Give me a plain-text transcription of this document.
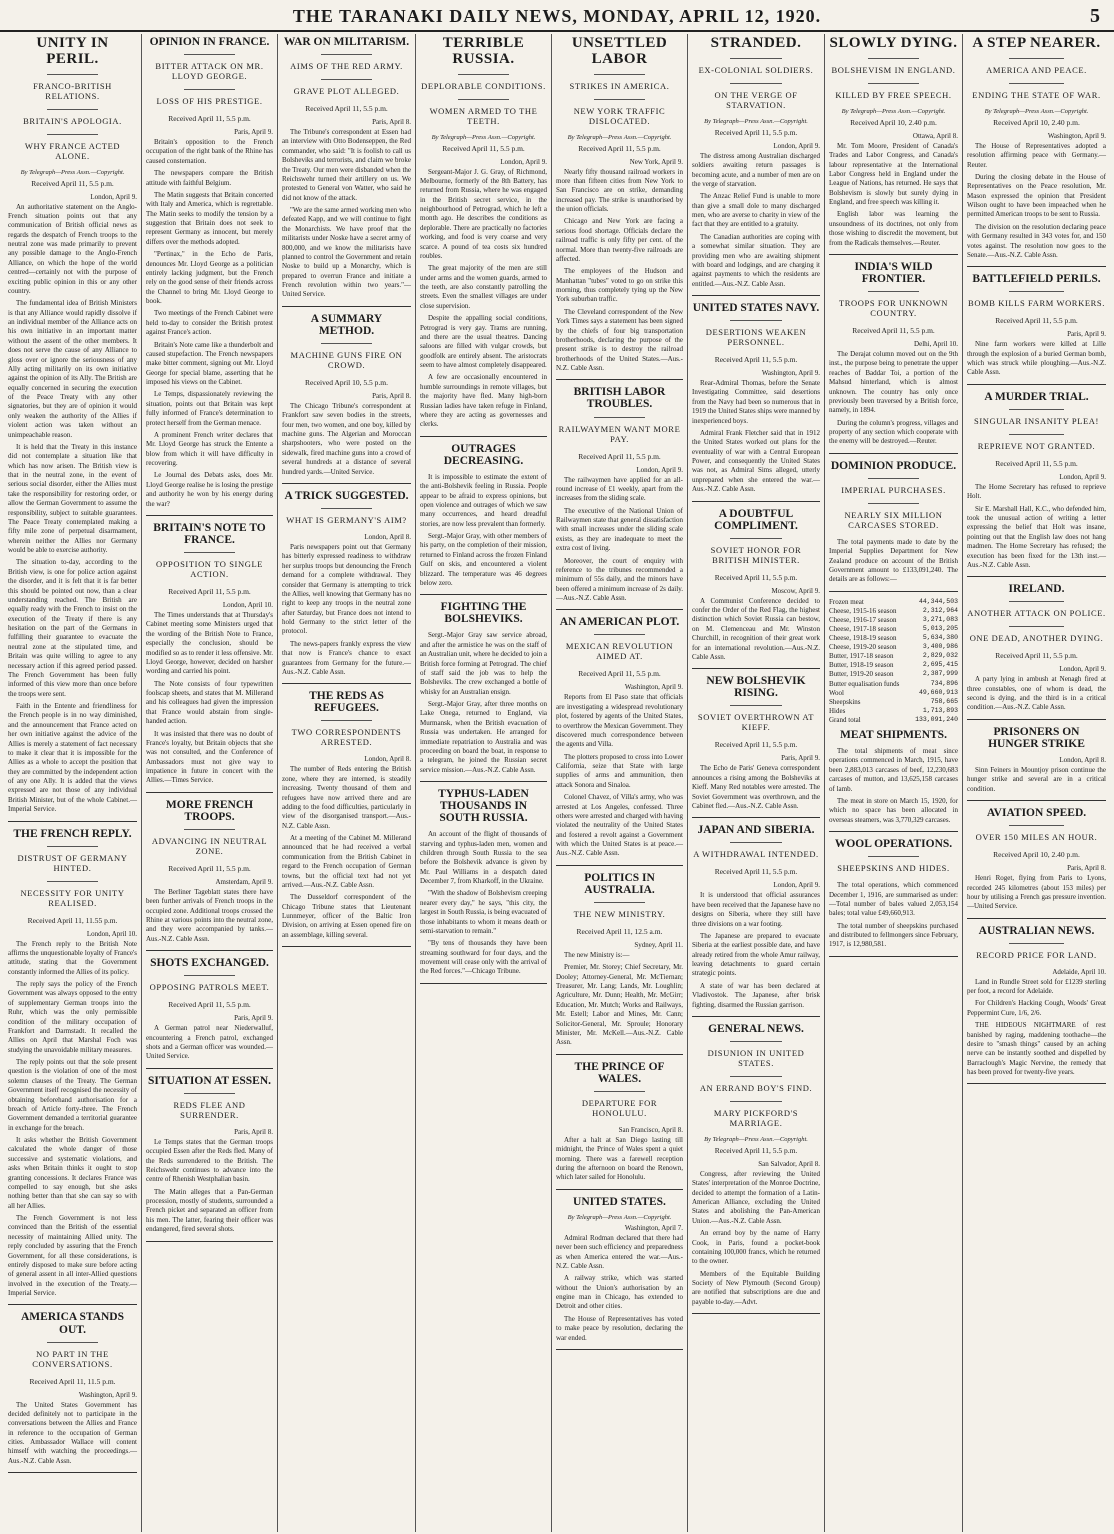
THE TARANAKI DAILY NEWS, MONDAY, APRIL 12, 1920.	5
UNITY IN PERIL.
FRANCO-BRITISH RELATIONS.
BRITAIN'S APOLOGIA.
WHY FRANCE ACTED ALONE.
By Telegraph—Press Assn.—Copyright.
Received April 11, 5.5 p.m.
London, April 9.

An authoritative statement on the Anglo-French situation points out that any communication of British official news as regards the despatch of French troops to the neutral zone was made primarily to prevent any possible damage to the Anglo-French Alliance, on which the hope of the world centred—certainly not with the purpose of exciting public opinion in this or any other country.

The fundamental idea of British Ministers is that any Alliance would rapidly dissolve if an individual member of the Alliance acts on his own initiative in an important matter without the assent of the other members. It does not serve the cause of any Alliance to gloss over or ignore the seriousness of any Ally acting militarily on its own initiative against the opinion of its Ally. The British are equally concerned in securing the execution of the Peace Treaty with any other signatories, but they are of opinion it would only weaken the authority of the Allies if violent action was taken without an unimpeachable reason.

It is held that the Treaty in this instance did not contemplate a situation like that which has now arisen. The British view is that in the neutral zone, in the event of serious social disorder, either the Allies must take the responsibility for restoring order, or allow the German Government to assume the responsibility, subject to suitable guarantees. The Peace Treaty contemplated making a fifty mile zone of perpetual disarmament, wherein neither the Allies nor Germany would be able to exercise authority.

The situation to-day, according to the British view, is one for police action against the disorder, and it is felt that it is far better this should be pointed out now, than a clear understanding reached. The British are equally ready with the French to insist on the execution of the Treaty if there is any hesitation on the part of the Germans in fulfilling their guarantee to evacuate the neutral zone at the stipulated time, and Britain was quite willing to agree to any necessary action if this agreed period passed. The French Government has been fully informed of this view more than once before the troops were sent.

Faith in the Entente and friendliness for the French people is in no way diminished, and the announcement that France acted on her own initiative against the advice of the Allies is merely a statement of fact necessary to make it clear that it is impossible for the Allies as a whole to accept the position that they are committed by the independent action of any one Ally. It is added that the views expressed are not those of any individual British Minister, but of the whole Cabinet.—Imperial Service.

THE FRENCH REPLY.
DISTRUST OF GERMANY HINTED.
NECESSITY FOR UNITY REALISED.
Received April 11, 11.55 p.m.
London, April 10.

The French reply to the British Note affirms the unquestionable loyalty of France's attitude, stating that the Government constantly informed the Allies of its policy.

The reply says the policy of the French Government was always opposed to the entry of supplementary German troops into the Ruhr, which was the only permissible condition of the military occupation of Frankfort and Darmstadt. It recalled the Allies on April that Marshal Foch was studying the unavoidable military measures.

The reply points out that the sole present question is the violation of one of the most solemn clauses of the Treaty. The German Government itself recognised the necessity of obtaining beforehand authorisation for a breach of Article forty-three. The French Government demanded a territorial guarantee in exchange for the breach.

It asks whether the British Government calculated the whole danger of those successive and systematic violations, and asks when Britain thinks it ought to stop granting concessions. It declares France was compelled to say enough, but she asks nothing better than that she can say so with all her Allies.

The French Government is not less convinced than the British of the essential necessity of maintaining Allied unity. The reply concluded by assuring that the French Government, for all these considerations, is entirely disposed to make sure before acting of general assent in all inter-Allied questions involved in the execution of the Treaty.—Imperial Service.

AMERICA STANDS OUT.
NO PART IN THE CONVERSATIONS.
Received April 11, 11.5 p.m.
Washington, April 9.

The United States Government has decided definitely not to participate in the conversations between the Allies and France in reference to the occupation of German cities. Ambassador Wallace will content himself with watching the proceedings.—Aus.-N.Z. Cable Assn.

OPINION IN FRANCE.
BITTER ATTACK ON MR. LLOYD GEORGE.
LOSS OF HIS PRESTIGE.
Received April 11, 5.5 p.m.
Paris, April 9.

Britain's opposition to the French occupation of the right bank of the Rhine has caused consternation.

The newspapers compare the British attitude with faithful Belgium.

The Matin suggests that Britain concerted with Italy and America, which is regrettable. The Matin seeks to modify the tension by a suggestion that Britain does not seek to represent Germany as innocent, but merely differs over the methods adopted.

"Pertinax," in the Echo de Paris, denounces Mr. Lloyd George as a politician entirely lacking judgment, but the French rely on the good sense of their friends across the Channel to bring Mr. Lloyd George to book.

Two meetings of the French Cabinet were held to-day to consider the British protest against France's action.

Britain's Note came like a thunderbolt and caused stupefaction. The French newspapers make bitter comment, signing out Mr. Lloyd George for special blame, asserting that he imposed his views on the Cabinet.

Le Temps, dispassionately reviewing the situation, points out that Britain was kept fully informed of France's determination to protect herself from the German menace.

A prominent French writer declares that Mr. Lloyd George has struck the Entente a blow from which it will have difficulty in recovering.

Le Journal des Debats asks, does Mr. Lloyd George realise he is losing the prestige and authority he won by his energy during the war?

BRITAIN'S NOTE TO FRANCE.
OPPOSITION TO SINGLE ACTION.
Received April 11, 5.5 p.m.
London, April 10.

The Times understands that at Thursday's Cabinet meeting some Ministers urged that the wording of the British Note to France, especially the conclusion, should be modified so as to render it less offensive. Mr. Lloyd George, however, decided on harsher wording and carried his point.

The Note consists of four typewritten foolscap sheets, and states that M. Millerand and his colleagues had given the impression that France would abstain from single-handed action.

It was insisted that there was no doubt of France's loyalty, but Britain objects that she was not consulted, and the Conference of Ambassadors must not give way to impatience in future in concert with the Allies.—Times Service.

MORE FRENCH TROOPS.
ADVANCING IN NEUTRAL ZONE.
Received April 11, 5.5 p.m.
Amsterdam, April 9.

The Berliner Tageblatt states there have been further arrivals of French troops in the occupied zone. Additional troops crossed the Rhine at various points into the neutral zone, and they were accompanied by tanks.—Aus.-N.Z. Cable Assn.

SHOTS EXCHANGED.
OPPOSING PATROLS MEET.
Received April 11, 5.5 p.m.
Paris, April 9.

A German patrol near Niederwalluf, encountering a French patrol, exchanged shots and a German officer was wounded.—United Service.

SITUATION AT ESSEN.
REDS FLEE AND SURRENDER.
Paris, April 8.

Le Temps states that the German troops occupied Essen after the Reds fled. Many of the Reds surrendered to the British. The Reichswehr continues to advance into the centre of Rhenish Westphalian basin.

The Matin alleges that a Pan-German procession, mostly of students, surrounded a French picket and separated an officer from his men. The latter, fearing their officer was endangered, fired several shots.

WAR ON MILITARISM.
AIMS OF THE RED ARMY.
GRAVE PLOT ALLEGED.
Received April 11, 5.5 p.m.
Paris, April 8.

The Tribune's correspondent at Essen had an interview with Otto Bodenseppen, the Red commander, who said: "It is foolish to call us Bolsheviks and terrorists, and claim we broke the Treaty. Our men were disbanded when the Reichswehr turned their artillery on us. We protested to General von Watter, who said he did not know of the attack.

"We are the same armed working men who defeated Kapp, and we will continue to fight the Monarchists. We have proof that the militarists under Noske have a secret army of 800,000, and we know the militarists have planned to control the Government and retain Noske to build up a Monarchy, which is prepared to overrun France and initiate a French revolution within two years."—United Service.

A SUMMARY METHOD.
MACHINE GUNS FIRE ON CROWD.
Received April 10, 5.5 p.m.
Paris, April 8.

The Chicago Tribune's correspondent at Frankfort saw seven bodies in the streets, four men, two women, and one boy, killed by machine guns. The Algerian and Moroccan sharpshooters, who were posted on the sidewalk, fired machine guns into a crowd of several hundreds at a distance of several hundred yards.—United Service.

A TRICK SUGGESTED.
WHAT IS GERMANY'S AIM?
London, April 8.

Paris newspapers point out that Germany has bitterly expressed readiness to withdraw her surplus troops but denouncing the French demand for a complete withdrawal. They consider that Germany is attempting to trick the Allies, well knowing that Germany has no right to keep any troops in the neutral zone after Saturday, but France does not intend to hold Germany to the strict letter of the protocol.

The news-papers frankly express the view that now is France's chance to exact guarantees from Germany for the future.—Aus.-N.Z. Cable Assn.

THE REDS AS REFUGEES.
TWO CORRESPONDENTS ARRESTED.
London, April 8.

The number of Reds entering the British zone, where they are interned, is steadily increasing. Twenty thousand of them and refugees have now arrived there and are adding to the food difficulties, particularly in view of the disorganised transport.—Aus.-N.Z. Cable Assn.

At a meeting of the Cabinet M. Millerand announced that he had received a verbal communication from the British Cabinet in regard to the French occupation of German towns, but the official text had not yet arrived.—Aus.-N.Z. Cable Assn.

The Dusseldorf correspondent of the Chicago Tribune states that Lieutenant Lunnmeyer, officer of the Baltic Iron Division, on arriving at Essen opened fire on an assemblage, killing several.

TERRIBLE RUSSIA.
DEPLORABLE CONDITIONS.
WOMEN ARMED TO THE TEETH.
By Telegraph—Press Assn.—Copyright.
Received April 11, 5.5 p.m.
London, April 9.

Sergeant-Major J. G. Gray, of Richmond, Melbourne, formerly of the 8th Battery, has returned from Russia, where he was engaged in the British secret service, in the neighbourhood of Petrograd, which he left a month ago. He describes the conditions as deplorable. There are practically no factories working, and food is very coarse and very scarce. A pound of tea costs six hundred roubles.

The great majority of the men are still under arms and the women guards, armed to the teeth, are also constantly patrolling the streets. Even the smallest villages are under close supervision.

Despite the appalling social conditions, Petrograd is very gay. Trams are running, and there are the usual theatres. Dancing saloons are filled with vulgar crowds, but goodfolk are entirely absent. The aristocrats seem to have almost completely disappeared.

A few are occasionally encountered in humble surroundings in remote villages, but the majority have fled. Many high-born Russian ladies have taken refuge in Finland, where they are acting as governesses and clerks.

OUTRAGES DECREASING.

It is impossible to estimate the extent of the anti-Bolshevik feeling in Russia. People appear to be afraid to express opinions, but open violence and outrages of which we saw many occurrences, and heard dreadful stories, are now less prevalent than formerly.

Sergt.-Major Gray, with other members of his party, on the completion of their mission, returned to Finland across the frozen Finland Gulf on skis, and encountered a violent blizzard. The temperature was 46 degrees below zero.

FIGHTING THE BOLSHEVIKS.

Sergt.-Major Gray saw service abroad, and after the armistice he was on the staff of an Australian unit, where he decided to join a British force forming at Petrograd. The chief of staff said the job was to help the Bolsheviks. The crew exchanged a bottle of whisky for an Australian ensign.

Sergt.-Major Gray, after three months on Lake Onega, returned to England, via Murmansk, when the British evacuation of Russia was undertaken. He arranged for immediate repatriation to Australia and was proceeding on board the boat, in response to a telegram, he joined the Russian secret service mission.—Aus.-N.Z. Cable Assn.

TYPHUS-LADEN THOUSANDS IN SOUTH RUSSIA.

An account of the flight of thousands of starving and typhus-laden men, women and children through South Russia to the sea before the Bolshevik advance is given by Mr. Paul Williams in a despatch dated December 7, from Kharkoff, in the Ukraine.

"With the shadow of Bolshevism creeping nearer every day," he says, "this city, the largest in South Russia, is being evacuated of those inhabitants to whom it means death or semi-starvation to remain."

"By tens of thousands they have been streaming southward for four days, and the movement will cease only with the arrival of the Red forces."—Chicago Tribune.

UNSETTLED LABOR
STRIKES IN AMERICA.
NEW YORK TRAFFIC DISLOCATED.
By Telegraph—Press Assn.—Copyright.
Received April 11, 5.5 p.m.
New York, April 9.

Nearly fifty thousand railroad workers in more than fifteen cities from New York to San Francisco are on strike, demanding increased pay. The strike is unauthorised by the union officials.

Chicago and New York are facing a serious food shortage. Officials declare the railroad traffic is only fifty per cent. of the normal. More than twenty-five railroads are affected.

The employees of the Hudson and Manhattan "tubes" voted to go on strike this morning, thus completely tying up the New York suburban traffic.

The Cleveland correspondent of the New York Times says a statement has been signed by the chiefs of four big transportation brotherhoods, declaring the purpose of the present strike is to destroy the railroad brotherhoods of the United States.—Aus.-N.Z. Cable Assn.

BRITISH LABOR TROUBLES.
RAILWAYMEN WANT MORE PAY.
Received April 11, 5.5 p.m.
London, April 9.

The railwaymen have applied for an all-round increase of £1 weekly, apart from the increases from the sliding scale.

The executive of the National Union of Railwaymen state that general dissatisfaction with small increases under the sliding scale exists, as they are inadequate to meet the extra cost of living.

Moreover, the court of enquiry with reference to the tribunes recommended a minimum of 55s daily, and the minors have been offered a minimum increase of 2s daily.—Aus.-N.Z. Cable Assn.

AN AMERICAN PLOT.
MEXICAN REVOLUTION AIMED AT.
Received April 11, 5.5 p.m.
Washington, April 9.

Reports from El Paso state that officials are investigating a widespread revolutionary plot, fostered by agents of the United States, to overthrow the Mexican Government. They discovered much correspondence between the agents and Villa.

The plotters proposed to cross into Lower California, seize that State with large supplies of arms and ammunition, then attack Sonora and Sinaloa.

Colonel Chavez, of Villa's army, who was arrested at Los Angeles, confessed. Three others were arrested and charged with having violated the neutrality of the United States and fostered a revolt against a Government with which the United States is at peace.—Aus.-N.Z. Cable Assn.

POLITICS IN AUSTRALIA.
THE NEW MINISTRY.
Received April 11, 12.5 a.m.
Sydney, April 11.

The new Ministry is:—

Premier, Mr. Storey; Chief Secretary, Mr. Dooley; Attorney-General, Mr. McTiernan; Treasurer, Mr. Lang; Lands, Mr. Loughlin; Agriculture, Mr. Dunn; Health, Mr. McGirr; Education, Mr. Mutch; Works and Railways, Mr. Estell; Labor and Mines, Mr. Cann; Solicitor-General, Mr. Sproule; Honorary Minister, Mr. McKell.—Aus.-N.Z. Cable Assn.

THE PRINCE OF WALES.
DEPARTURE FOR HONOLULU.
San Francisco, April 8.

After a halt at San Diego lasting till midnight, the Prince of Wales spent a quiet morning. There was a farewell reception during the afternoon on board the Renown, which later sailed for Honolulu.

UNITED STATES.
By Telegraph—Press Assn.—Copyright.
Washington, April 7.

Admiral Rodman declared that there had never been such efficiency and preparedness as when America entered the war.—Aus.-N.Z. Cable Assn.

A railway strike, which was started without the Union's authorisation by an engine man in Chicago, has extended to Detroit and other cities.

The House of Representatives has voted to make peace by resolution, declaring the war ended.

STRANDED.
EX-COLONIAL SOLDIERS.
ON THE VERGE OF STARVATION.
By Telegraph—Press Assn.—Copyright.
Received April 11, 5.5 p.m.
London, April 9.

The distress among Australian discharged soldiers awaiting return passages is becoming acute, and a number of men are on the verge of starvation.

The Anzac Relief Fund is unable to more than give a small dole to many discharged men, who are averse to charity in view of the fact that they are entitled to a gratuity.

The Canadian authorities are coping with a somewhat similar situation. They are providing men who are awaiting shipment with board and lodgings, and are charging it against payments to which the residents are entitled.—Aus.-N.Z. Cable Assn.

UNITED STATES NAVY.
DESERTIONS WEAKEN PERSONNEL.
Received April 11, 5.5 p.m.
Washington, April 9.

Rear-Admiral Thomas, before the Senate Investigating Committee, said desertions from the Navy had been so numerous that in 1919 the United States ships were manned by inexperienced boys.

Admiral Frank Fletcher said that in 1912 the United States worked out plans for the eventuality of war with a Central European Power, and consequently the United States was not, as Admiral Sims alleged, utterly unprepared when she entered the war.—Aus.-N.Z. Cable Assn.

A DOUBTFUL COMPLIMENT.
SOVIET HONOR FOR BRITISH MINISTER.
Received April 11, 5.5 p.m.
Moscow, April 9.

A Communist Conference decided to confer the Order of the Red Flag, the highest distinction which Soviet Russia can bestow, on M. Clemenceau and Mr. Winston Churchill, in recognition of their great work for an international revolution.—Aus.-N.Z. Cable Assn.

NEW BOLSHEVIK RISING.
SOVIET OVERTHROWN AT KIEFF.
Received April 11, 5.5 p.m.
Paris, April 9.

The Echo de Paris' Geneva correspondent announces a rising among the Bolsheviks at Kieff. Many Red notables were arrested. The Soviet Government was overthrown, and the Cabinet fled.—Aus.-N.Z. Cable Assn.

JAPAN AND SIBERIA.
A WITHDRAWAL INTENDED.
Received April 11, 5.5 p.m.
London, April 9.

It is understood that official assurances have been received that the Japanese have no designs on Siberia, where they still have three divisions on a war footing.

The Japanese are prepared to evacuate Siberia at the earliest possible date, and have already retired from the whole Amur railway, leaving detachments to guard certain strategic points.

A state of war has been declared at Vladivostok. The Japanese, after brisk fighting, disarmed the Russian garrison.

GENERAL NEWS.
DISUNION IN UNITED STATES.
AN ERRAND BOY'S FIND.
MARY PICKFORD'S MARRIAGE.
By Telegraph—Press Assn.—Copyright.
Received April 11, 5.5 p.m.
San Salvador, April 8.

Congress, after reviewing the United States' interpretation of the Monroe Doctrine, decided to attempt the formation of a Latin-American Alliance, excluding the United States and abolishing the Pan-American Union.—Aus.-N.Z. Cable Assn.

An errand boy by the name of Harry Cook, in Paris, found a pocket-book containing 100,000 francs, which he returned to the owner.

Members of the Equitable Building Society of New Plymouth (Second Group) are notified that subscriptions are due and payable to-day.—Advt.

SLOWLY DYING.
BOLSHEVISM IN ENGLAND.
KILLED BY FREE SPEECH.
By Telegraph—Press Assn.—Copyright.
Received April 10, 2.40 p.m.
Ottawa, April 8.

Mr. Tom Moore, President of Canada's Trades and Labor Congress, and Canada's labour representative at the International Labor Congress held in England under the League of Nations, has returned. He says that Bolshevism is slowly but surely dying in England, and free speech was killing it.

English labor was learning the unsoundness of its doctrines, not only from those wishing to discredit the movement, but from the Radicals themselves.—Reuter.

INDIA'S WILD FRONTIER.
TROOPS FOR UNKNOWN COUNTRY.
Received April 11, 5.5 p.m.
Delhi, April 10.

The Derajat column moved out on the 9th inst., the purpose being to penetrate the upper reaches of Baddar Toi, a portion of the Mahsud hinterland, which is almost unknown. The country has only once previously been traversed by a British force, namely, in 1894.

During the column's progress, villages and property of any section which cooperate with the enemy will be destroyed.—Reuter.

DOMINION PRODUCE.
IMPERIAL PURCHASES.
NEARLY SIX MILLION CARCASES STORED.

The total payments made to date by the Imperial Supplies Department for New Zealand produce on account of the British Government amount to £133,091,240. The details are as follows:—

Frozen meat	44,344,503
Cheese, 1915-16 season	2,312,964
Cheese, 1916-17 season	3,271,083
Cheese, 1917-18 season	5,013,205
Cheese, 1918-19 season	5,634,380
Cheese, 1919-20 season	3,400,986
Butter, 1917-18 season	2,829,032
Butter, 1918-19 season	2,695,415
Butter, 1919-20 season	2,387,999
Butter equalisation funds	734,896
Wool	49,660,913
Sheepskins	758,665
Hides	1,713,893
Grand total	133,091,240
MEAT SHIPMENTS.

The total shipments of meat since operations commenced in March, 1915, have been 2,883,013 carcases of beef, 12,230,683 carcases of mutton, and 13,625,158 carcases of lamb.

The meat in store on March 15, 1920, for which no space has been allocated in overseas steamers, was 3,770,329 carcases.

WOOL OPERATIONS.
SHEEPSKINS AND HIDES.

The total operations, which commenced December 1, 1916, are summarised as under:—Total number of bales valued 2,053,154 bales; total value £49,660,913.

The total number of sheepskins purchased and distributed to fellmongers since February, 1917, is 12,980,581.

A STEP NEARER.
AMERICA AND PEACE.
ENDING THE STATE OF WAR.
By Telegraph—Press Assn.—Copyright.
Received April 10, 2.40 p.m.
Washington, April 9.

The House of Representatives adopted a resolution affirming peace with Germany.—Reuter.

During the closing debate in the House of Representatives on the Peace resolution, Mr. Mason expressed the opinion that President Wilson ought to have been impeached when he permitted American troops to be sent to Russia.

The division on the resolution declaring peace with Germany resulted in 343 votes for, and 150 votes against. The resolution now goes to the Senate.—Aus.-N.Z. Cable Assn.

BATTLEFIELD PERILS.
BOMB KILLS FARM WORKERS.
Received April 11, 5.5 p.m.
Paris, April 9.

Nine farm workers were killed at Lille through the explosion of a buried German bomb, which was struck while ploughing.—Aus.-N.Z. Cable Assn.

A MURDER TRIAL.
SINGULAR INSANITY PLEA!
REPRIEVE NOT GRANTED.
Received April 11, 5.5 p.m.
London, April 9.

The Home Secretary has refused to reprieve Holt.

Sir E. Marshall Hall, K.C., who defended him, took the unusual action of writing a letter expressing the belief that Holt was insane, pointing out that the English law does not hang madmen. The Home Secretary has refused; the execution has been fixed for the 13th inst.—Aus.-N.Z. Cable Assn.

IRELAND.
ANOTHER ATTACK ON POLICE.
ONE DEAD, ANOTHER DYING.
Received April 11, 5.5 p.m.
London, April 9.

A party lying in ambush at Nenagh fired at three constables, one of whom is dead, the second is dying, and the third is in a critical condition.—Aus.-N.Z. Cable Assn.

PRISONERS ON HUNGER STRIKE
London, April 8.

Sinn Feiners in Mountjoy prison continue the hunger strike and several are in a critical condition.

AVIATION SPEED.
OVER 150 MILES AN HOUR.
Received April 10, 2.40 p.m.
Paris, April 8.

Henri Roget, flying from Paris to Lyons, recorded 245 kilometres (about 153 miles) per hour by utilising a French gas pressure invention.—United Service.

AUSTRALIAN NEWS.
RECORD PRICE FOR LAND.
Adelaide, April 10.

Land in Rundle Street sold for £1239 sterling per foot, a record for Adelaide.

For Children's Hacking Cough, Woods' Great Peppermint Cure, 1/6, 2/6.

THE HIDEOUS NIGHTMARE of rest banished by raging, maddening toothache—the desire to "smash things" caused by an aching nerve can be instantly soothed and dispelled by Barraclough's Magic Nervine, the remedy that has been proved for twenty-five years.
